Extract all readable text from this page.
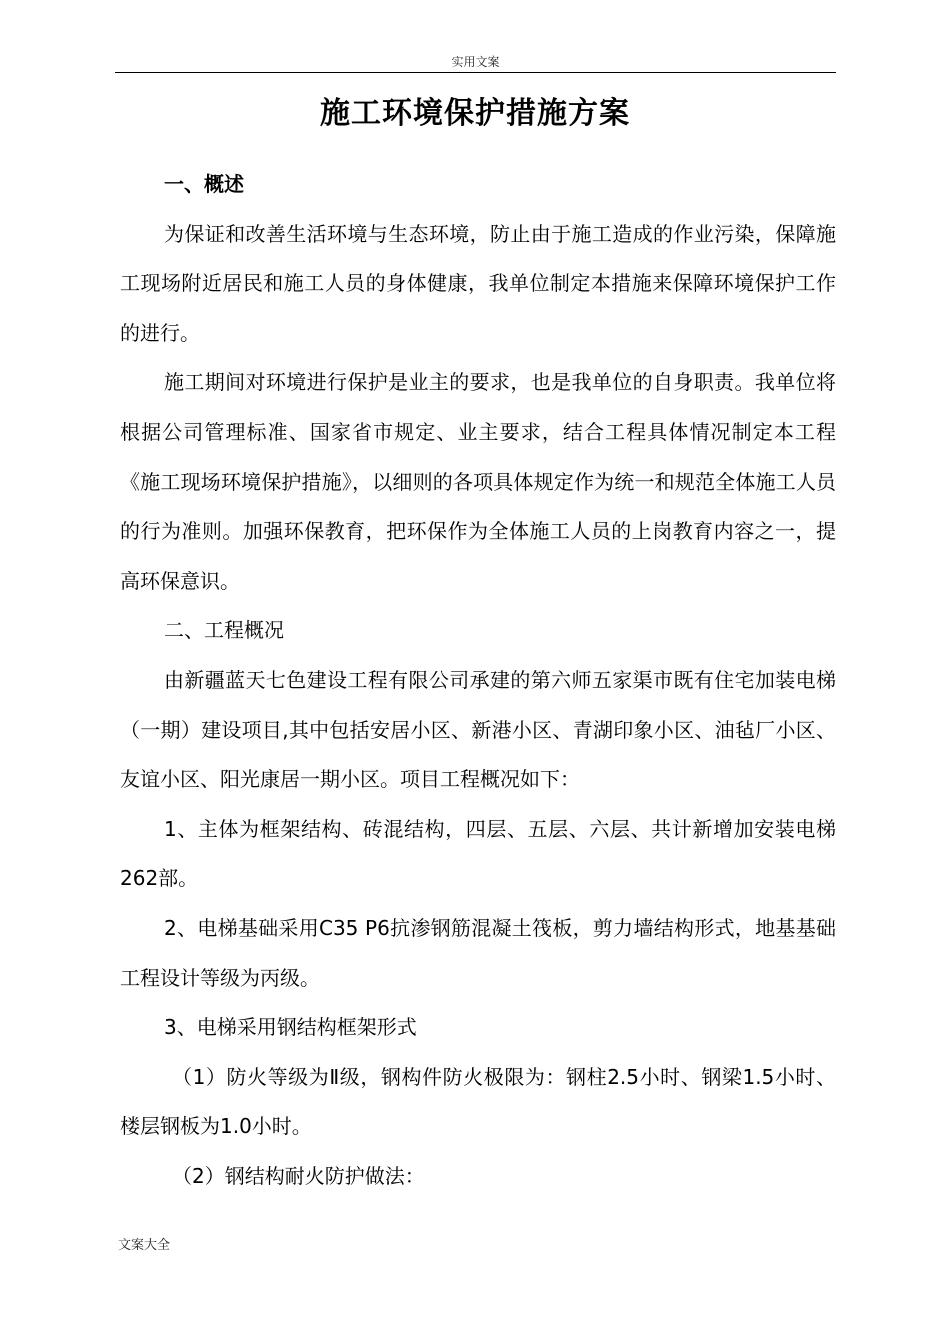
实用文案
施工环境保护措施方案

一、概述

为保证和改善生活环境与生态环境，防止由于施工造成的作业污染，保障施工现场附近居民和施工人员的身体健康，我单位制定本措施来保障环境保护工作的进行。

施工期间对环境进行保护是业主的要求，也是我单位的自身职责。我单位将根据公司管理标准、国家省市规定、业主要求，结合工程具体情况制定本工程《施工现场环境保护措施》，以细则的各项具体规定作为统一和规范全体施工人员的行为准则。加强环保教育，把环保作为全体施工人员的上岗教育内容之一，提高环保意识。

二、工程概况

由新疆蓝天七色建设工程有限公司承建的第六师五家渠市既有住宅加装电梯（一期）建设项目,其中包括安居小区、新港小区、青湖印象小区、油毡厂小区、友谊小区、阳光康居一期小区。项目工程概况如下：

1、主体为框架结构、砖混结构，四层、五层、六层、共计新增加安装电梯262部。

2、电梯基础采用C35 P6抗渗钢筋混凝土筏板，剪力墙结构形式，地基基础工程设计等级为丙级。

3、电梯采用钢结构框架形式

（1）防火等级为Ⅱ级，钢构件防火极限为：钢柱2.5小时、钢梁1.5小时、楼层钢板为1.0小时。

（2）钢结构耐火防护做法：

文案大全
